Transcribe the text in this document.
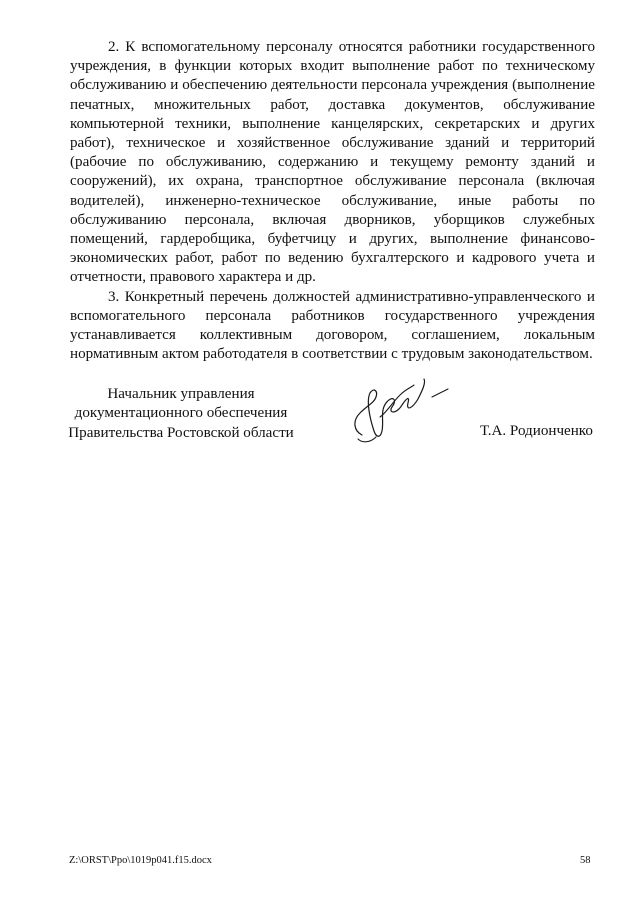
2. К вспомогательному персоналу относятся работники государственного учреждения, в функции которых входит выполнение работ по техническому обслуживанию и обеспечению деятельности персонала учреждения (выполнение печатных, множительных работ, доставка документов, обслуживание компьютерной техники, выполнение канцелярских, секретарских и других работ), техническое и хозяйственное обслуживание зданий и территорий (рабочие по обслуживанию, содержанию и текущему ремонту зданий и сооружений), их охрана, транспортное обслуживание персонала (включая водителей), инженерно-техническое обслуживание, иные работы по обслуживанию персонала, включая дворников, уборщиков служебных помещений, гардеробщика, буфетчицу и других, выполнение финансово-экономических работ, работ по ведению бухгалтерского и кадрового учета и отчетности, правового характера и др.

3. Конкретный перечень должностей административно-управленческого и вспомогательного персонала работников государственного учреждения устанавливается коллективным договором, соглашением, локальным нормативным актом работодателя в соответствии с трудовым законодательством.

Начальник управления
документационного обеспечения
Правительства Ростовской области	Т.А. Родионченко
Z:\ORST\Ppo\1019p041.f15.docx	58
